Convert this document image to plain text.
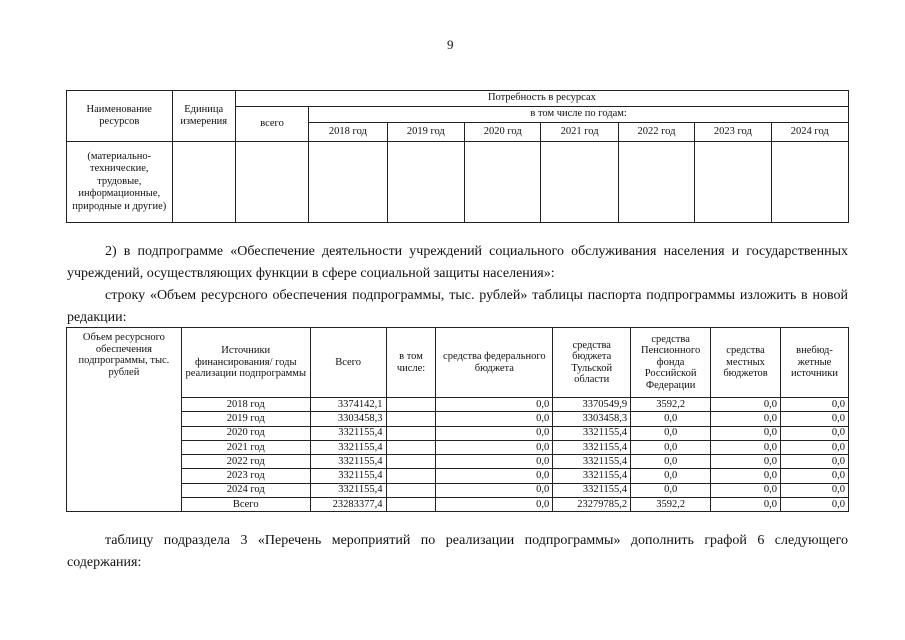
9
Наименование ресурсов	Единица измерения	Потребность в ресурсах							
		всего	в том числе по годам:						
			2018 год	2019 год	2020 год	2021 год	2022 год	2023 год	2024 год
(материально-технические, трудовые, информационные, природные и другие)									

2) в подпрограмме «Обеспечение деятельности учреждений социального обслуживания населения и государственных учреждений, осуществляющих функции в сфере социальной защиты населения»:

строку «Объем ресурсного обеспечения подпрограммы, тыс. рублей» таблицы паспорта подпрограммы изложить в новой редакции:

Объем ресурсного обеспечения подпрограммы, тыс. рублей	Источники финансирования/ годы реализации подпрограммы	Всего	в том числе:	средства федерального бюджета	средства бюджета Тульской области	средства Пенсионного фонда Российской Федерации	средства местных бюджетов	внебюд-жетные источники
	2018 год	3374142,1		0,0	3370549,9	3592,2	0,0	0,0
	2019 год	3303458,3		0,0	3303458,3	0,0	0,0	0,0
	2020 год	3321155,4		0,0	3321155,4	0,0	0,0	0,0
	2021 год	3321155,4		0,0	3321155,4	0,0	0,0	0,0
	2022 год	3321155,4		0,0	3321155,4	0,0	0,0	0,0
	2023 год	3321155,4		0,0	3321155,4	0,0	0,0	0,0
	2024 год	3321155,4		0,0	3321155,4	0,0	0,0	0,0
	Всего	23283377,4		0,0	23279785,2	3592,2	0,0	0,0

таблицу подраздела 3 «Перечень мероприятий по реализации подпрограммы» дополнить графой 6 следующего содержания:
